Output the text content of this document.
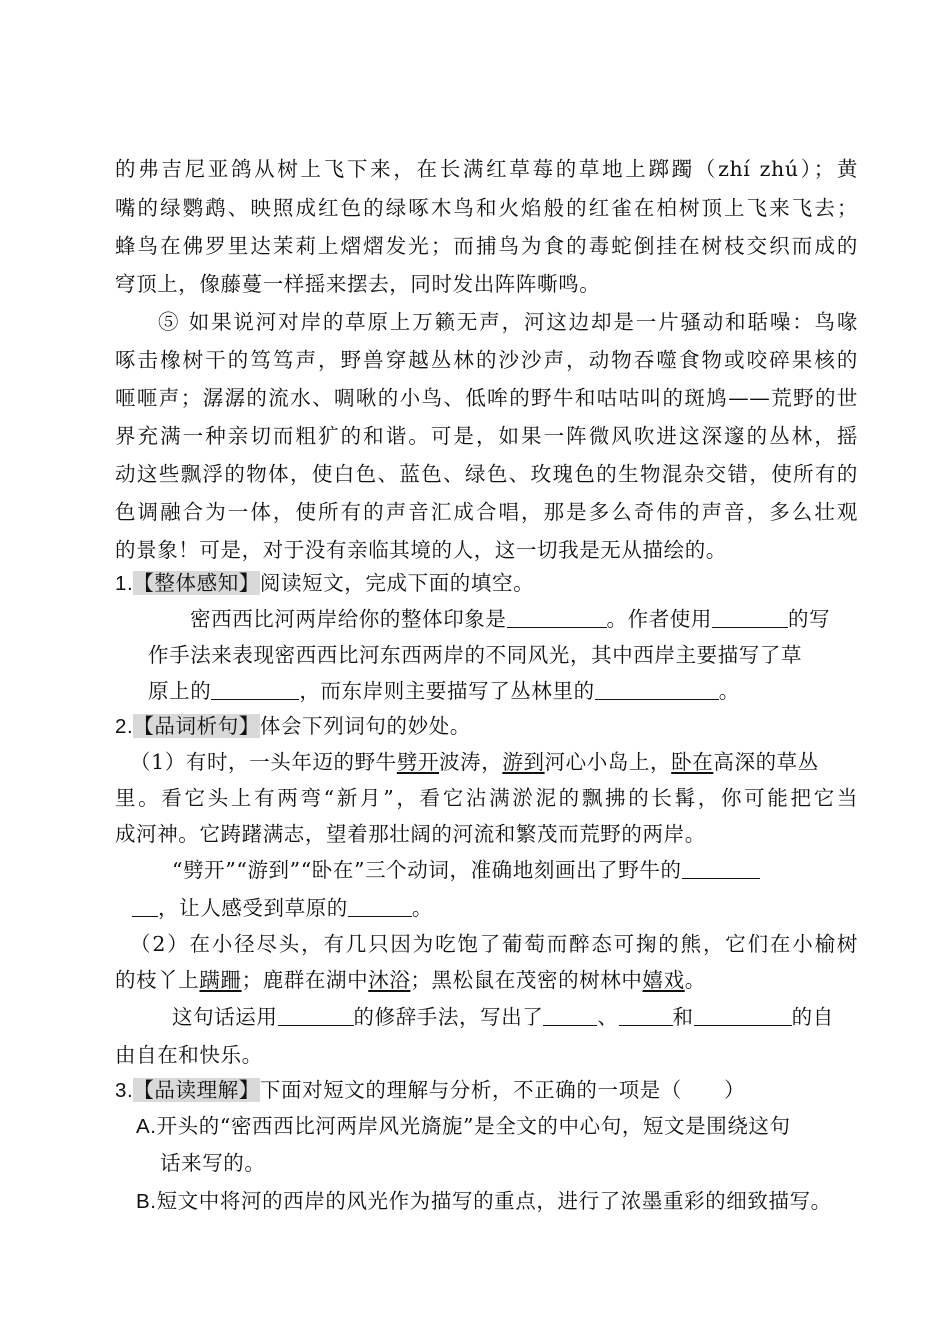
的弗吉尼亚鸽从树上飞下来，在长满红草莓的草地上踯躅（zhí zhú）；黄
嘴的绿鹦鹉、映照成红色的绿啄木鸟和火焰般的红雀在柏树顶上飞来飞去；
蜂鸟在佛罗里达茉莉上熠熠发光；而捕鸟为食的毒蛇倒挂在树枝交织而成的
穹顶上，像藤蔓一样摇来摆去，同时发出阵阵嘶鸣。
⑤ 如果说河对岸的草原上万籁无声，河这边却是一片骚动和聒噪：鸟喙
啄击橡树干的笃笃声，野兽穿越丛林的沙沙声，动物吞噬食物或咬碎果核的
咂咂声；潺潺的流水、啁啾的小鸟、低哞的野牛和咕咕叫的斑鸠——荒野的世
界充满一种亲切而粗犷的和谐。可是，如果一阵微风吹进这深邃的丛林，摇
动这些飘浮的物体，使白色、蓝色、绿色、玫瑰色的生物混杂交错，使所有的
色调融合为一体，使所有的声音汇成合唱，那是多么奇伟的声音，多么壮观
的景象！可是，对于没有亲临其境的人，这一切我是无从描绘的。
1.【整体感知】阅读短文，完成下面的填空。
密西西比河两岸给你的整体印象是	。作者使用	的写
作手法来表现密西西比河东西两岸的不同风光，其中西岸主要描写了草
原上的	，而东岸则主要描写了丛林里的	。
2.【品词析句】体会下列词句的妙处。
（1）有时，一头年迈的野牛劈开波涛，游到河心小岛上，卧在高深的草丛
里。看它头上有两弯“新月”，看它沾满淤泥的飘拂的长髯，你可能把它当
成河神。它踌躇满志，望着那壮阔的河流和繁茂而荒野的两岸。
“劈开”“游到”“卧在”三个动词，准确地刻画出了野牛的
，让人感受到草原的	。
（2）在小径尽头，有几只因为吃饱了葡萄而醉态可掬的熊，它们在小榆树
的枝丫上蹒跚；鹿群在湖中沐浴；黑松鼠在茂密的树林中嬉戏。
这句话运用	的修辞手法，写出了	、	和	的自
由自在和快乐。
3.【品读理解】下面对短文的理解与分析，不正确的一项是（　　）
A.开头的“密西西比河两岸风光旖旎”是全文的中心句，短文是围绕这句
话来写的。
B.短文中将河的西岸的风光作为描写的重点，进行了浓墨重彩的细致描写。
